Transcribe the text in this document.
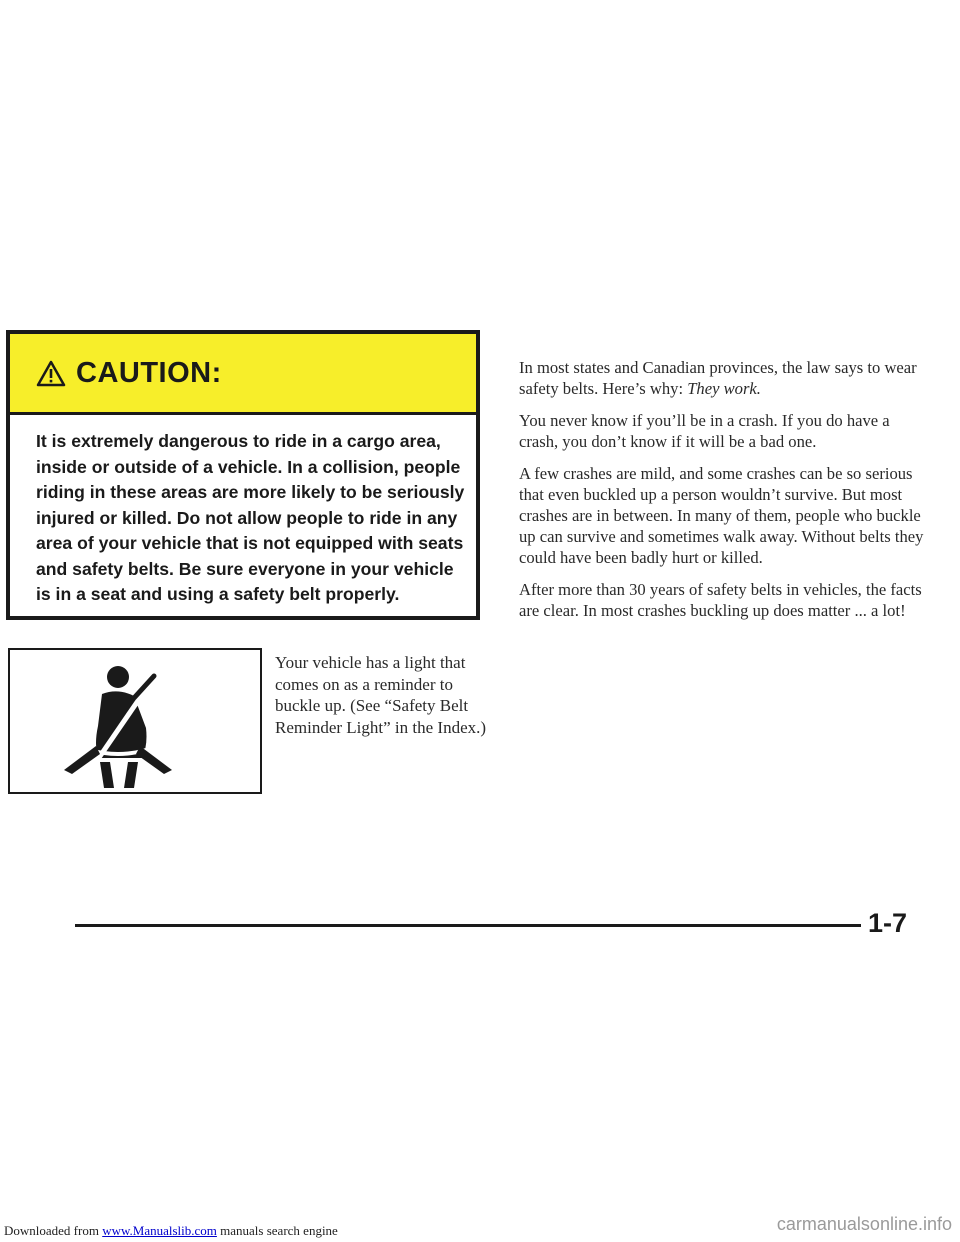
CAUTION:
It is extremely dangerous to ride in a cargo area, inside or outside of a vehicle. In a collision, people riding in these areas are more likely to be seriously injured or killed. Do not allow people to ride in any area of your vehicle that is not equipped with seats and safety belts. Be sure everyone in your vehicle is in a seat and using a safety belt properly.
Your vehicle has a light that comes on as a reminder to buckle up. (See “Safety Belt Reminder Light” in the Index.)

In most states and Canadian provinces, the law says to wear safety belts. Here’s why: They work.

You never know if you’ll be in a crash. If you do have a crash, you don’t know if it will be a bad one.

A few crashes are mild, and some crashes can be so serious that even buckled up a person wouldn’t survive. But most crashes are in between. In many of them, people who buckle up can survive and sometimes walk away. Without belts they could have been badly hurt or killed.

After more than 30 years of safety belts in vehicles, the facts are clear. In most crashes buckling up does matter ... a lot!

1-7
Downloaded from www.Manualslib.com manuals search engine	carmanualsonline.info
